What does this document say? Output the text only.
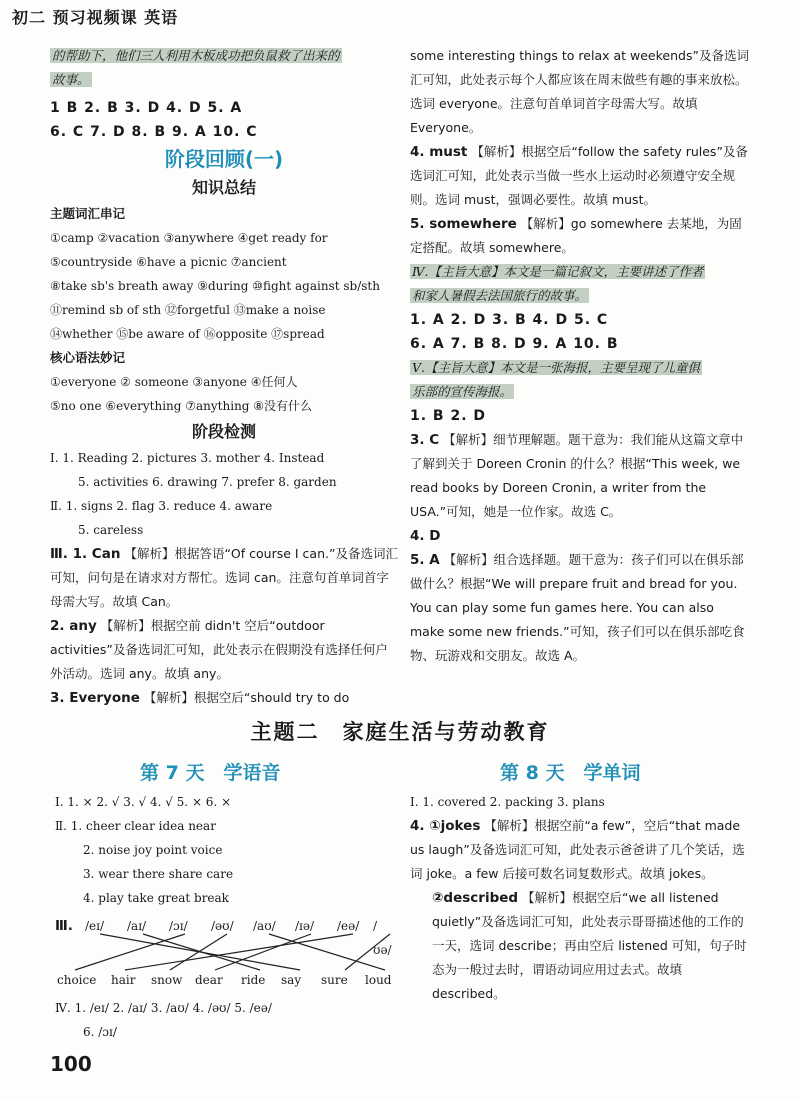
初二 预习视频课 英语
的帮助下，他们三人利用木板成功把负鼠救了出来的
故事。
1 B 2. B 3. D 4. D 5. A
6. C 7. D 8. B 9. A 10. C
阶段回顾(一)
知识总结
主题词汇串记
①camp ②vacation ③anywhere ④get ready for
⑤countryside ⑥have a picnic ⑦ancient
⑧take sb's breath away ⑨during ⑩fight against sb/sth
⑪remind sb of sth ⑫forgetful ⑬make a noise
⑭whether ⑮be aware of ⑯opposite ⑰spread
核心语法妙记
①everyone ② someone ③anyone ④任何人
⑤no one ⑥everything ⑦anything ⑧没有什么
阶段检测
Ⅰ. 1. Reading 2. pictures 3. mother 4. Instead
5. activities 6. drawing 7. prefer 8. garden
Ⅱ. 1. signs 2. flag 3. reduce 4. aware
5. careless
Ⅲ. 1. Can 【解析】根据答语“Of course I can.”及备选词汇可知，问句是在请求对方帮忙。选词 can。注意句首单词首字母需大写。故填 Can。
2. any 【解析】根据空前 didn't 空后“outdoor activities”及备选词汇可知，此处表示在假期没有选择任何户外活动。选词 any。故填 any。
3. Everyone 【解析】根据空后“should try to do
some interesting things to relax at weekends”及备选词汇可知，此处表示每个人都应该在周末做些有趣的事来放松。选词 everyone。注意句首单词首字母需大写。故填 Everyone。
4. must 【解析】根据空后“follow the safety rules”及备选词汇可知，此处表示当做一些水上运动时必须遵守安全规则。选词 must，强调必要性。故填 must。
5. somewhere 【解析】go somewhere 去某地，为固定搭配。故填 somewhere。
Ⅳ.【主旨大意】本文是一篇记叙文，主要讲述了作者
和家人暑假去法国旅行的故事。
1. A 2. D 3. B 4. D 5. C
6. A 7. B 8. D 9. A 10. B
Ⅴ.【主旨大意】本文是一张海报，主要呈现了儿童俱
乐部的宣传海报。
1. B 2. D
3. C 【解析】细节理解题。题干意为：我们能从这篇文章中了解到关于 Doreen Cronin 的什么？根据“This week, we read books by Doreen Cronin, a writer from the USA.”可知，她是一位作家。故选 C。
4. D
5. A 【解析】组合选择题。题干意为：孩子们可以在俱乐部做什么？根据“We will prepare fruit and bread for you. You can play some fun games here. You can also make some new friends.”可知，孩子们可以在俱乐部吃食物、玩游戏和交朋友。故选 A。
主题二　家庭生活与劳动教育
第 7 天　学语音	第 8 天　学单词
Ⅰ. 1. × 2. √ 3. √ 4. √ 5. × 6. ×
Ⅱ. 1. cheer clear idea near
2. noise joy point voice
3. wear there share care
4. play take great break
Ⅲ. /eɪ/ /aɪ/ /ɔɪ/ /əʊ/ /aʊ/ /ɪə/ /eə/ /ʊə/
choice hair snow dear ride say sure loud
Ⅳ. 1. /eɪ/ 2. /aɪ/ 3. /aʊ/ 4. /əʊ/ 5. /eə/
6. /ɔɪ/
Ⅰ. 1. covered 2. packing 3. plans
4. ①jokes 【解析】根据空前“a few”，空后“that made us laugh”及备选词汇可知，此处表示爸爸讲了几个笑话，选词 joke。a few 后接可数名词复数形式。故填 jokes。
②described 【解析】根据空后“we all listened quietly”及备选词汇可知，此处表示哥哥描述他的工作的一天，选词 describe；再由空后 listened 可知，句子时态为一般过去时，谓语动词应用过去式。故填 described。
100
